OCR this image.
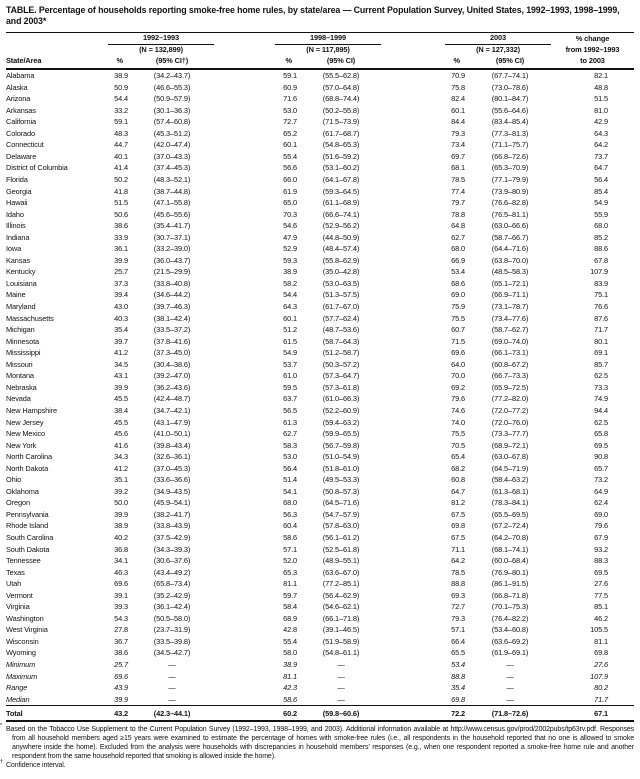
TABLE. Percentage of households reporting smoke-free home rules, by state/area — Current Population Survey, United States, 1992–1993, 1998–1999, and 2003*
	1992–1993		1998–1999		2003		% change
	(N = 132,899)		(N = 117,895)		(N = 127,332)		from 1992–1993
State/Area	%	(95% CI†)	%	(95% CI)	%	(95% CI)	to 2003
Alabama	38.9	(34.2–43.7)	59.1	(55.5–62.8)	70.9	(67.7–74.1)	82.1
Alaska	50.9	(46.6–55.3)	60.9	(57.0–64.8)	75.8	(73.0–78.6)	48.8
Arizona	54.4	(50.9–57.9)	71.6	(68.8–74.4)	82.4	(80.1–84.7)	51.5
Arkansas	33.2	(30.1–36.3)	53.0	(50.2–55.8)	60.1	(55.6–64.6)	81.0
California	59.1	(57.4–60.8)	72.7	(71.5–73.9)	84.4	(83.4–85.4)	42.9
Colorado	48.3	(45.3–51.2)	65.2	(61.7–68.7)	79.3	(77.3–81.3)	64.3
Connecticut	44.7	(42.0–47.4)	60.1	(54.8–65.3)	73.4	(71.1–75.7)	64.2
Delaware	40.1	(37.0–43.3)	55.4	(51.6–59.2)	69.7	(66.8–72.6)	73.7
District of Columbia	41.4	(37.4–45.3)	56.6	(53.1–60.2)	68.1	(65.3–70.9)	64.7
Florida	50.2	(48.3–52.1)	66.0	(64.1–67.8)	78.5	(77.1–79.9)	56.4
Georgia	41.8	(38.7–44.8)	61.9	(59.3–64.5)	77.4	(73.9–80.9)	85.4
Hawaii	51.5	(47.1–55.8)	65.0	(61.1–68.9)	79.7	(76.6–82.8)	54.9
Idaho	50.6	(45.6–55.6)	70.3	(66.6–74.1)	78.8	(76.5–81.1)	55.9
Illinois	38.6	(35.4–41.7)	54.6	(52.9–56.2)	64.8	(63.0–66.6)	68.0
Indiana	33.9	(30.7–37.1)	47.9	(44.8–50.9)	62.7	(58.7–66.7)	85.2
Iowa	36.1	(33.2–39.0)	52.9	(48.4–57.4)	68.0	(64.4–71.6)	88.6
Kansas	39.9	(36.0–43.7)	59.3	(55.8–62.9)	66.9	(63.8–70.0)	67.8
Kentucky	25.7	(21.5–29.9)	38.9	(35.0–42.8)	53.4	(48.5–58.3)	107.9
Louisiana	37.3	(33.8–40.8)	58.2	(53.0–63.5)	68.6	(65.1–72.1)	83.9
Maine	39.4	(34.6–44.2)	54.4	(51.3–57.5)	69.0	(66.9–71.1)	75.1
Maryland	43.0	(39.7–46.3)	64.3	(61.7–67.0)	75.9	(73.1–78.7)	76.6
Massachusetts	40.3	(38.1–42.4)	60.1	(57.7–62.4)	75.5	(73.4–77.6)	87.6
Michigan	35.4	(33.5–37.2)	51.2	(48.7–53.6)	60.7	(58.7–62.7)	71.7
Minnesota	39.7	(37.8–41.6)	61.5	(58.7–64.3)	71.5	(69.0–74.0)	80.1
Mississippi	41.2	(37.3–45.0)	54.9	(51.2–58.7)	69.6	(66.1–73.1)	69.1
Missouri	34.5	(30.4–38.6)	53.7	(50.3–57.2)	64.0	(60.8–67.2)	85.7
Montana	43.1	(39.2–47.0)	61.0	(57.3–64.7)	70.0	(66.7–73.3)	62.5
Nebraska	39.9	(36.2–43.6)	59.5	(57.3–61.8)	69.2	(65.9–72.5)	73.3
Nevada	45.5	(42.4–48.7)	63.7	(61.0–66.3)	79.6	(77.2–82.0)	74.9
New Hampshire	38.4	(34.7–42.1)	56.5	(52.2–60.9)	74.6	(72.0–77.2)	94.4
New Jersey	45.5	(43.1–47.9)	61.3	(59.4–63.2)	74.0	(72.0–76.0)	62.5
New Mexico	45.6	(41.0–50.1)	62.7	(59.9–65.5)	75.5	(73.3–77.7)	65.8
New York	41.6	(39.8–43.4)	58.3	(56.7–59.8)	70.5	(68.9–72.1)	69.5
North Carolina	34.3	(32.6–36.1)	53.0	(51.0–54.9)	65.4	(63.0–67.8)	90.8
North Dakota	41.2	(37.0–45.3)	56.4	(51.8–61.0)	68.2	(64.5–71.9)	65.7
Ohio	35.1	(33.6–36.6)	51.4	(49.5–53.3)	60.8	(58.4–63.2)	73.2
Oklahoma	39.2	(34.9–43.5)	54.1	(50.8–57.3)	64.7	(61.3–68.1)	64.9
Oregon	50.0	(45.9–54.1)	68.0	(64.5–71.6)	81.2	(78.3–84.1)	62.4
Pennsylvania	39.9	(38.2–41.7)	56.3	(54.7–57.9)	67.5	(65.5–69.5)	69.0
Rhode Island	38.9	(33.8–43.9)	60.4	(57.8–63.0)	69.8	(67.2–72.4)	79.6
South Carolina	40.2	(37.5–42.9)	58.6	(56.1–61.2)	67.5	(64.2–70.8)	67.9
South Dakota	36.8	(34.3–39.3)	57.1	(52.5–61.8)	71.1	(68.1–74.1)	93.2
Tennessee	34.1	(30.6–37.6)	52.0	(48.9–55.1)	64.2	(60.0–68.4)	88.3
Texas	46.3	(43.4–49.2)	65.3	(63.6–67.0)	78.5	(76.9–80.1)	69.5
Utah	69.6	(65.8–73.4)	81.1	(77.2–85.1)	88.8	(86.1–91.5)	27.6
Vermont	39.1	(35.2–42.9)	59.7	(56.4–62.9)	69.3	(66.8–71.8)	77.5
Virginia	39.3	(36.1–42.4)	58.4	(54.6–62.1)	72.7	(70.1–75.3)	85.1
Washington	54.3	(50.5–58.0)	68.9	(66.1–71.8)	79.3	(76.4–82.2)	46.2
West Virginia	27.8	(23.7–31.9)	42.8	(39.1–46.5)	57.1	(53.4–60.8)	105.5
Wisconsin	36.7	(33.5–39.8)	55.4	(51.9–58.9)	66.4	(63.6–69.2)	81.1
Wyoming	38.6	(34.5–42.7)	58.0	(54.8–61.1)	65.5	(61.9–69.1)	69.8
Minimum	25.7	—	38.9	—	53.4	—	27.6
Maximum	69.6	—	81.1	—	88.8	—	107.9
Range	43.9	—	42.3	—	35.4	—	80.2
Median	39.9	—	58.6	—	69.8	—	71.7
Total	43.2	(42.3–44.1)	60.2	(59.8–60.6)	72.2	(71.8–72.6)	67.1
* Based on the Tobacco Use Supplement to the Current Population Survey (1992–1993, 1998–1999, and 2003). Additional information available at http://www.census.gov/prod/2002pubs/tp63rv.pdf. Responses from all household members aged ≥15 years were examined to estimate the percentage of homes with smoke-free rules (i.e., all respondents in the household reported that no one is allowed to smoke anywhere inside the home). Excluded from the analysis were households with discrepancies in household members’ responses (e.g., when one respondent reported a smoke-free home rule and another respondent from the same household reported that smoking is allowed inside the home).
† Confidence interval.
